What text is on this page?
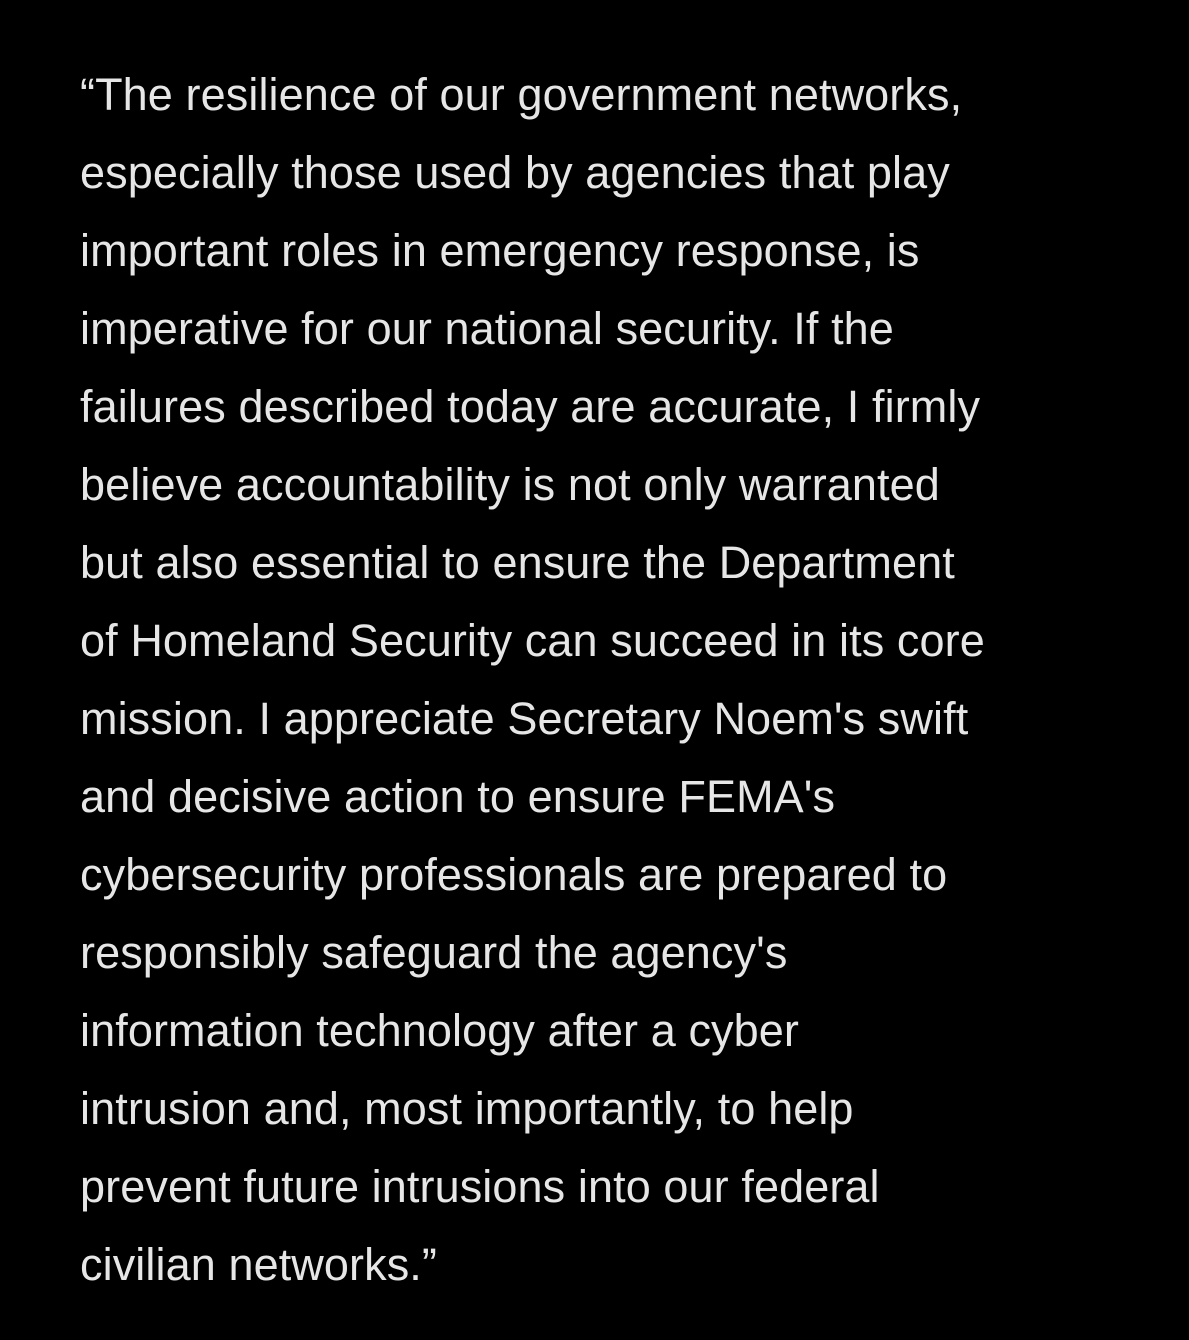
“The resilience of our government networks,
especially those used by agencies that play
important roles in emergency response, is
imperative for our national security. If the
failures described today are accurate, I firmly
believe accountability is not only warranted
but also essential to ensure the Department
of Homeland Security can succeed in its core
mission. I appreciate Secretary Noem's swift
and decisive action to ensure FEMA's
cybersecurity professionals are prepared to
responsibly safeguard the agency's
information technology after a cyber
intrusion and, most importantly, to help
prevent future intrusions into our federal
civilian networks.”
